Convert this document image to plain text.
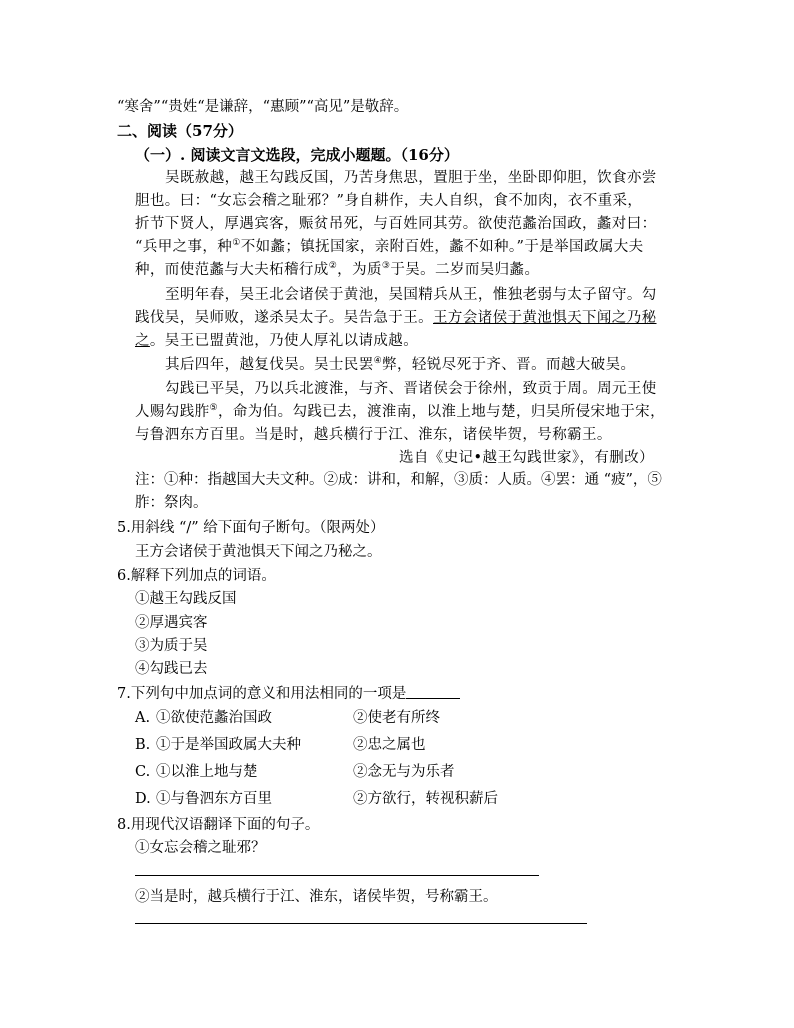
“寒舍”“贵姓“是谦辞，“惠顾”“高见”是敬辞。
二、阅读（57分）
（一）. 阅读文言文选段，完成小题题。（16分）
吴既赦越，越王勾践反国，乃苦身焦思，置胆于坐，坐卧即仰胆，饮食亦尝
胆也。曰：“女忘会稽之耻邪？”身自耕作，夫人自织，食不加肉，衣不重采，
折节下贤人，厚遇宾客，赈贫吊死，与百姓同其劳。欲使范蠡治国政，蠡对曰：
“兵甲之事，种①不如蠡；镇抚国家，亲附百姓，蠡不如种。”于是举国政属大夫
种，而使范蠡与大夫柘稽行成②，为质③于吴。二岁而吴归蠡。
至明年春，吴王北会诸侯于黄池，吴国精兵从王，惟独老弱与太子留守。勾
践伐吴，吴师败，遂杀吴太子。吴告急于王。王方会诸侯于黄池惧天下闻之乃秘
之。吴王已盟黄池，乃使人厚礼以请成越。
其后四年，越复伐吴。吴士民罢④弊，轻锐尽死于齐、晋。而越大破吴。
勾践已平吴，乃以兵北渡淮，与齐、晋诸侯会于徐州，致贡于周。周元王使
人赐勾践胙⑤，命为伯。勾践已去，渡淮南，以淮上地与楚，归吴所侵宋地于宋，
与鲁泗东方百里。当是时，越兵横行于江、淮东，诸侯毕贺，号称霸王。
选自《史记•越王勾践世家》，有删改）
注：①种：指越国大夫文种。②成：讲和，和解，③质：人质。④罢：通 “疲”，⑤
胙：祭肉。
5.用斜线 “/” 给下面句子断句。（限两处）
王方会诸侯于黄池惧天下闻之乃秘之。
6.解释下列加点的词语。
①越王勾践反国
②厚遇宾客
③为质于吴
④勾践已去
7.下列句中加点词的意义和用法相同的一项是
A. ①欲使范蠡治国政	②使老有所终
B. ①于是举国政属大夫种	②忠之属也
C. ①以淮上地与楚	②念无与为乐者
D. ①与鲁泗东方百里	②方欲行，转视积薪后
8.用现代汉语翻译下面的句子。
①女忘会稽之耻邪？
②当是时，越兵横行于江、淮东，诸侯毕贺，号称霸王。
